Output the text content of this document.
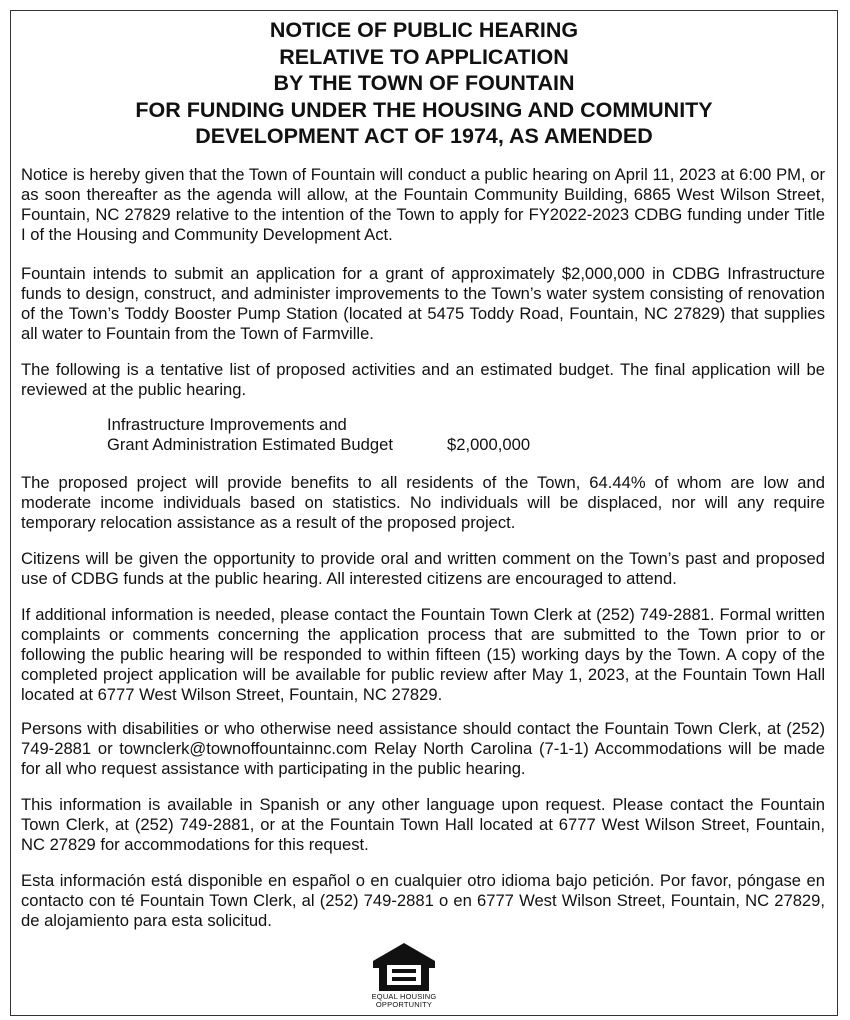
NOTICE OF PUBLIC HEARING
RELATIVE TO APPLICATION
BY THE TOWN OF FOUNTAIN
FOR FUNDING UNDER THE HOUSING AND COMMUNITY
DEVELOPMENT ACT OF 1974, AS AMENDED

Notice is hereby given that the Town of Fountain will conduct a public hearing on April 11, 2023 at 6:00 PM, or as soon thereafter as the agenda will allow, at the Fountain Community Building, 6865 West Wilson Street, Fountain, NC 27829 relative to the intention of the Town to apply for FY2022-2023 CDBG funding under Title I of the Housing and Community Development Act.

Fountain intends to submit an application for a grant of approximately $2,000,000 in CDBG Infrastructure funds to design, construct, and administer improvements to the Town’s water system consisting of renovation of the Town’s Toddy Booster Pump Station (located at 5475 Toddy Road, Fountain, NC 27829) that supplies all water to Fountain from the Town of Farmville.

The following is a tentative list of proposed activities and an estimated budget. The final application will be reviewed at the public hearing.

Infrastructure Improvements and
Grant Administration Estimated Budget	$2,000,000

The proposed project will provide benefits to all residents of the Town, 64.44% of whom are low and moderate income individuals based on statistics. No individuals will be displaced, nor will any require temporary relocation assistance as a result of the proposed project.

Citizens will be given the opportunity to provide oral and written comment on the Town’s past and proposed use of CDBG funds at the public hearing. All interested citizens are encouraged to attend.

If additional information is needed, please contact the Fountain Town Clerk at (252) 749-2881. Formal written complaints or comments concerning the application process that are submitted to the Town prior to or following the public hearing will be responded to within fifteen (15) working days by the Town. A copy of the completed project application will be available for public review after May 1, 2023, at the Fountain Town Hall located at 6777 West Wilson Street, Fountain, NC 27829.

Persons with disabilities or who otherwise need assistance should contact the Fountain Town Clerk, at (252) 749-2881 or townclerk@townoffountainnc.com Relay North Carolina (7-1-1) Accommodations will be made for all who request assistance with participating in the public hearing.

This information is available in Spanish or any other language upon request. Please contact the Fountain Town Clerk, at (252) 749-2881, or at the Fountain Town Hall located at 6777 West Wilson Street, Fountain, NC 27829 for accommodations for this request.

Esta información está disponible en español o en cualquier otro idioma bajo petición. Por favor, póngase en contacto con té Fountain Town Clerk, al (252) 749-2881 o en 6777 West Wilson Street, Fountain, NC 27829, de alojamiento para esta solicitud.

EQUAL HOUSING
OPPORTUNITY
